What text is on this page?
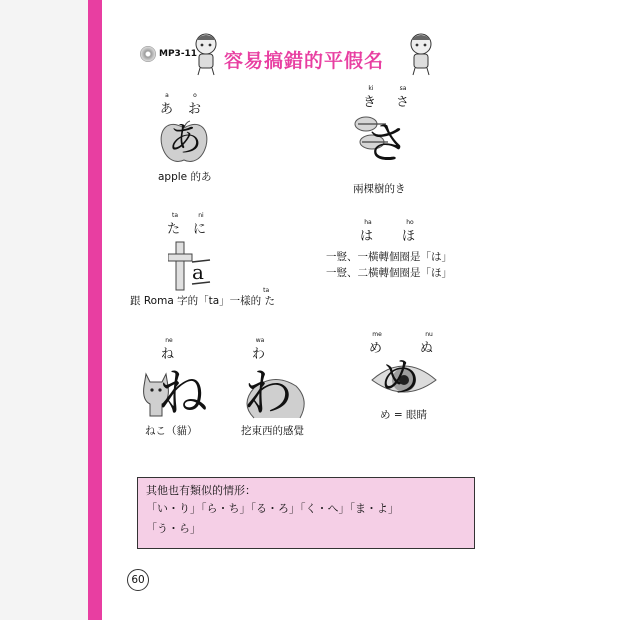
MP3-11 容易搞錯的平假名
a
あ
o
お
あ
apple 的あ
ki
き
sa
さ
さ
兩棵樹的き
ta
た
ni
に
a
跟 Roma 字的「ta」一樣的
ta
た
ha
は
ho
ほ
一豎、一橫轉個圈是「は」
一豎、二橫轉個圈是「ほ」
ne
ね
ね
ねこ（貓）
wa
わ
わ
挖東西的感覺
me
め
nu
ぬ
め
め = 眼睛
其他也有類似的情形：
「い・り」「ら・ち」「る・ろ」「く・へ」「ま・よ」
「う・ら」
60
